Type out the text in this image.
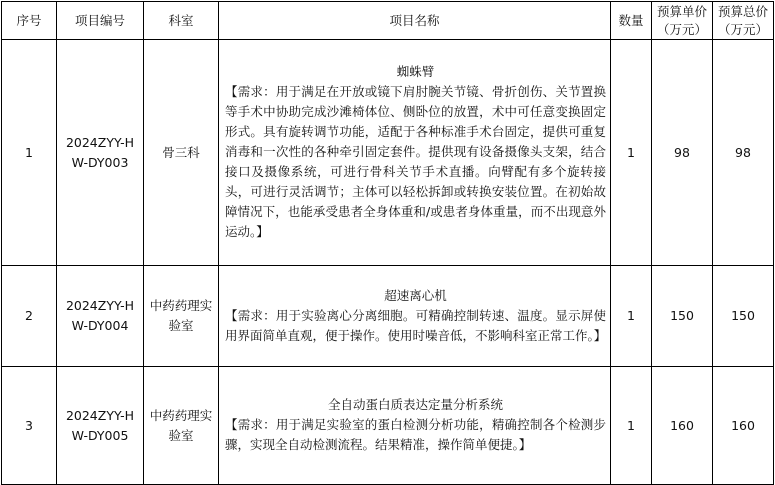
序号	项目编号	科室	项目名称	数量	预算单价（万元）	预算总价（万元）
1	2024ZYY-HW-DY003	骨三科	蜘蛛臂
【需求：用于满足在开放或镜下肩肘腕关节镜、骨折创伤、关节置换等手术中协助完成沙滩椅体位、侧卧位的放置，术中可任意变换固定形式。具有旋转调节功能，适配于各种标准手术台固定，提供可重复消毒和一次性的各种牵引固定套件。提供现有设备摄像头支架，结合接口及摄像系统，可进行骨科关节手术直播。向臂配有多个旋转接头，可进行灵活调节；主体可以轻松拆卸或转换安装位置。在初始故障情况下，也能承受患者全身体重和/或患者身体重量，而不出现意外运动。】	1	98	98
2	2024ZYY-HW-DY004	中药药理实验室	超速离心机
【需求：用于实验离心分离细胞。可精确控制转速、温度。显示屏使用界面简单直观，便于操作。使用时噪音低，不影响科室正常工作。】	1	150	150
3	2024ZYY-HW-DY005	中药药理实验室	全自动蛋白质表达定量分析系统
【需求：用于满足实验室的蛋白检测分析功能，精确控制各个检测步骤，实现全自动检测流程。结果精准，操作简单便捷。】	1	160	160
